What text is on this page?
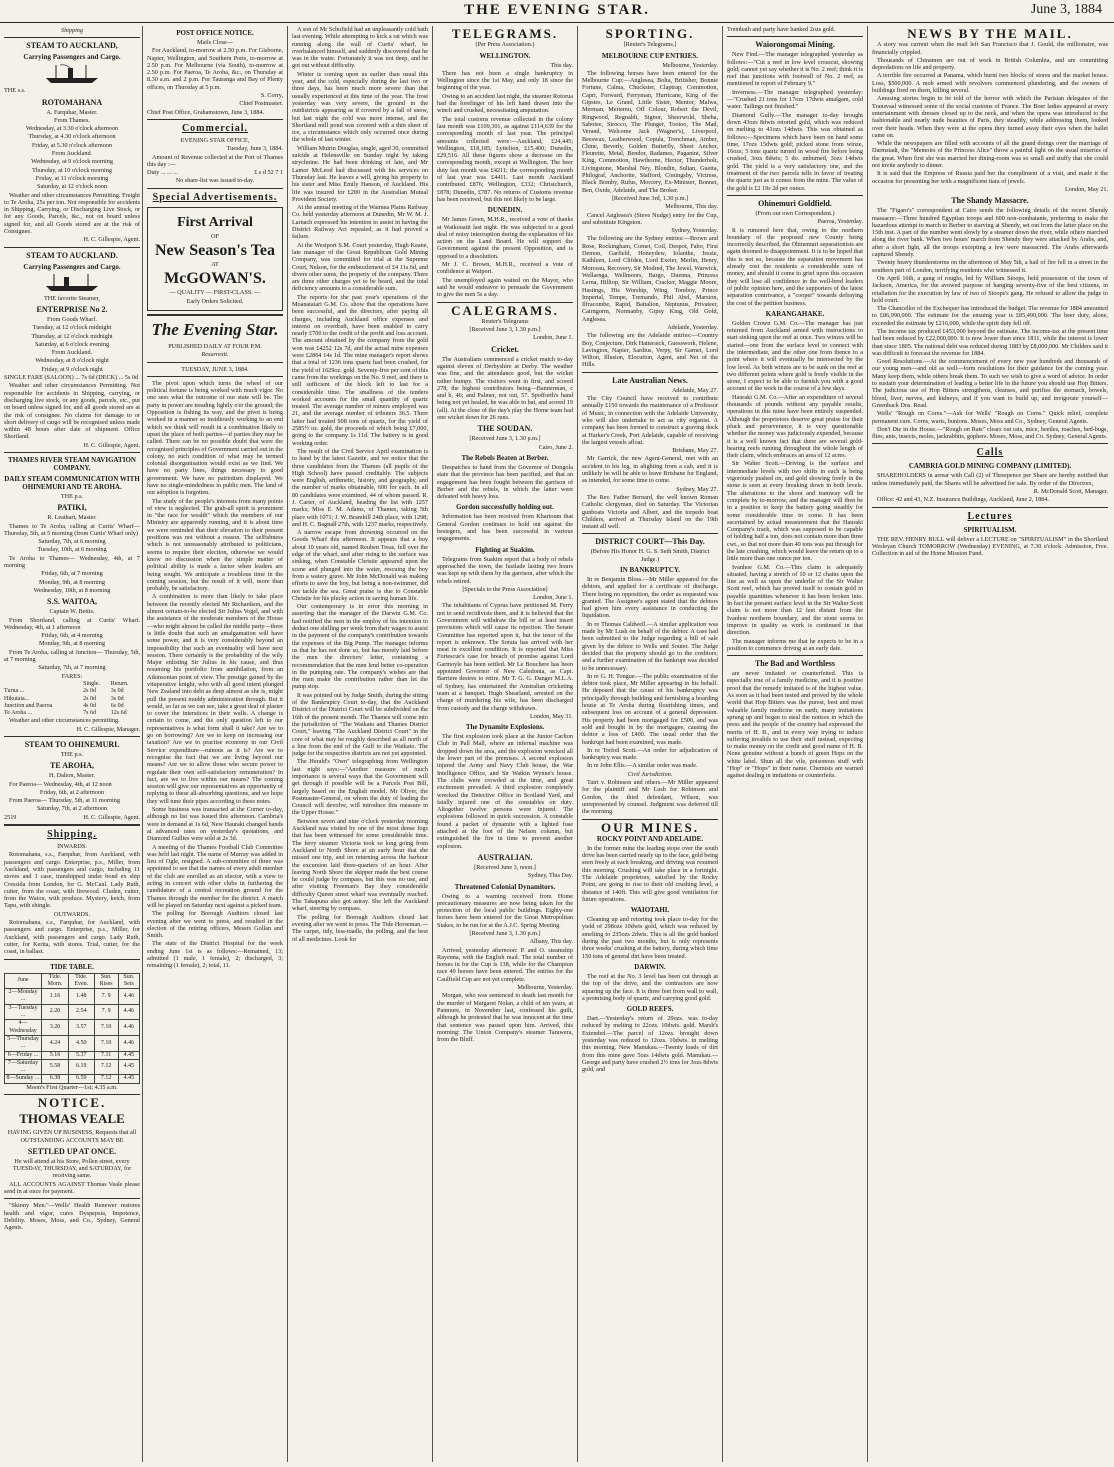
THE EVENING STAR.	June 3, 1884
Shipping
STEAM TO AUCKLAND,
Carrying Passengers and Cargo.

THE s.s.

ROTOMAHANA

A. Farquhar, Master.

From Thames.

Wednesday, at 3.30 o'clock afternoon

Thursday, at 4.30 o'clock afternoon

Friday, at 5.30 o'clock afternoon

From Auckland.

Wednesday, at 9 o'clock morning

Thursday, at 10 o'clock morning

Friday, at 11 o'clock morning

Saturday, at 12 o'clock noon

Weather and other circumstances Permitting. Freight to Te Aroha, 25s per ton. Not responsible for accidents in Shipping, Carrying, or Discharging Live Stock, or for any Goods, Parcels, &c., not on board unless signed for, and all Goods stored are at the risk of Consignee.

H. C. Gillespie, Agent.

STEAM TO AUCKLAND.
Carrying Passengers and Cargo.

THE favorite Steamer,

ENTERPRISE No 2.

From Goods Wharf.

Tuesday, at 12 o'clock midnight

Thursday, at 12 o'clock midnight

Saturday, at 6 o'clock evening

From Auckland.

Wednesday, at 8 o'clock night

Friday, at 9 o'clock night

SINGLE FARE (SALOON) ... 7s 6d (DECK) ... 5s 0d

Weather and other circumstances Permitting. Not responsible for accidents in Shipping, carrying, or discharging live stock, or any goods, parcels, etc., put on board unless signed for, and all goods stored are at the risk of consignee. No claims for damage to or short delivery of cargo will be recognised unless made within 48 hours after date of shipment. Office Shortland.

H. C. Gillespie, Agent.

THAMES RIVER STEAM NAVIGATION COMPANY.
DAILY STEAM COMMUNICATION WITH OHINEMURI AND TE AROHA.

THE p.s.

PATIKI,

R. Leathart, Master.

Thames to Te Aroha, calling at Curtis' Wharf— Thursday, 5th, at 5 morning (from Curtis' Wharf only)

Saturday, 7th, at 6 morning

Tuesday, 10th, at 6 morning

Te Aroha to Thames— Wednesday, 4th, at 7 morning

Friday, 6th, at 7 morning

Monday, 9th, at 8 morning

Wednesday, 10th, at 8 morning

S.S. WAITOA,

Captain W. Bettis.

From Shortland, calling at Curtis' Wharf. Wednesday, 4th, at 1 afternoon

Friday, 6th, at 4 morning

Monday, 9th, at 8 morning

From Te Aroha, calling at Junction— Thursday, 5th, at 7 morning

Saturday, 7th, at 7 morning

FARES:

	Single.	Return.
Turua ...	2s 0d	3s 0d
Hikutaia...	2s 0d	3s 0d
Junction and Paeroa	4s 0d	6s 0d
Te Aroha ...	7s 6d	12s 6d

Weather and other circumstances permitting.

H. C. Gillespie, Manager.

STEAM TO OHINEMURI.

THE p.s.

TE AROHA,

H. Dalton, Master.

For Paeroa— Wednesday, 4th, at 12 noon

Friday, 6th, at 2 afternoon

From Paeroa— Thursday, 5th, at 11 morning

Saturday, 7th, at 2 afternoon

2519	H. C. Gillespie, Agent.

Shipping.

INWARDS.

Rotomahana, s.s., Farquhar, from Auckland, with passengers and cargo. Enterprise, p.s., Miller, from Auckland, with passengers and cargo, including 11 stoves and 1 case, transhipped under bond ex ship Cressida from London, for G. McCaul. Lady Ruth, cutter, from the coast, with firewood. Cluden, cutter, from the Waiou, with produce. Mystery, ketch, from Tapu, with shingle.

OUTWARDS.

Rotomahana, s.s., Farquhar, for Auckland, with passengers and cargo. Enterprise, p.s., Miller, for Auckland, with passengers and cargo. Lady Ruth, cutter, for Kerita, with stores. Trial, cutter, for the coast, in ballast.

TIDE TABLE.
June	Tide. Morn.	Tide. Even.	Sun. Rises	Sun. Sets
2—Monday ...	1.16	1.48	7. 9	4.46
3—Tuesday ...	2.20	2.54	7. 9	4.46
4—Wednesday	3.20	3.57	7.10	4.46
5—Thursday ...	4.24	4.50	7.10	4.46
6—Friday ...	5.16	5.37	7.11	4.45
7—Saturday ...	5.58	6.19	7.12	4.45
8—Sunday ...	6.38	6.59	7.12	4.45

Moon's First Quarter—1st; 4.35 a.m.

NOTICE.
THOMAS VEALE

HAVING GIVEN UP BUSINESS, Requests that all OUTSTANDING ACCOUNTS MAY BE

SETTLED UP AT ONCE.

He will attend at his Store, Pollen street, every TUESDAY, THURSDAY, and SATURDAY, for receiving same.

ALL ACCOUNTS AGAINST Thomas Veale please send in at once for payment.

"Skinny Men."—Wells' Health Renewer restores health and vigor, cures Dyspepsia, Impotence, Debility. Moses, Moss, and Co., Sydney, General Agents.

POST OFFICE NOTICE.

Mails Close—

For Auckland, to-morrow at 2.50 p.m. For Gisborne, Napier, Wellington, and Southern Ports, to-morrow at 2.50 p.m. For Melbourne (via South), to-morrow at 2.50 p.m. For Paeroa, Te Aroha, &c., on Thursday at 8.30 a.m. and 2 p.m. For Tauranga and Bay of Plenty offices, on Thursday at 5 p.m.

S. Corry,

Chief Postmaster.

Chief Post Office, Grahamstown, June 3, 1884.

Commercial.

EVENING STAR OFFICE,

Tuesday, June 3, 1884.

Amount of Revenue collected at the Port of Thames this day :—

Duty ... ... ...	£ s d 52 7 1

No share-list was issued to-day.

Special Advertisements.
First Arrival

OF

New Season's Tea

AT

McGOWAN'S.

— QUALITY — FIRST-CLASS. —

Early Orders Solicited.

The Evening Star.

PUBLISHED DAILY AT FOUR P.M.

Resurrexit.

TUESDAY, JUNE 3, 1884.

The pivot upon which turns the wheel of our political fortune is being worked with much vigor. No one sees what the outcome of our state will be. The party in power are treading lightly o'er the ground; the Opposition is fishing its way, and the pivot is being worked in a manner so insidiously working to an end which we think will result in a combination likely to upset the place of both parties—if parties they may be called. There can be no possible doubt that were the recognised principles of Government carried out in the colony, no such condition of what may be termed colonial disorganisation would exist as we find. We have no party lines, things necessary to good government. We have no patriotism displayed. We have no single-mindedness in public men. The land of our adoption is forgotten.

The study of the people's interests from many points of view is neglected. The grab-all spirit is prominent in "the race for wealth" which the members of our Ministry are apparently running, and it is about time we were reminded that their elevation to their present positions was not without a reason. The selfishness which is not unreasonably attributed to politicians, seems to require their election, otherwise we would know no discussion when the simple matter of political ability is made a factor when leaders are being sought. We anticipate a troublous time in the coming session, but the result of it will, more than probably, be satisfactory.

A combination is more than likely to take place between the recently elected Mr Richardson, and the almost certain-to-be elected Sir Julius Vogel, and with the assistance of the moderate members of the House—who might almost be called the middle party—there is little doubt that such an amalgamation will have some power, and it is very considerably beyond an impossibility that such an eventuality will have next session. There certainly is the probability of the wily Major enlisting Sir Julius in his cause, and thus resuming his portfolio from annihilation, from an Atkinsonian point of view. The prestige gained by the vituperative knight, who with all good intent plunged New Zealand into debt as deep almost as she is, might pull the present muddy administration through. But it would, so far as we can see, take a great deal of plaster to cover the interstices in their walls. A change is certain to come, and the only question left to our representatives is what form shall it take? Are we to go on borrowing? Are we to keep on increasing our taxation? Are we to practise economy in our Civil Service expenditure—ruinous as it is? Are we to recognise the fact that we are living beyond our means? Are we to allow those who secure power to regulate their own self-satisfactory remuneration? In fact, are we to live within our means? The coming session will give our representatives an opportunity of replying to these all-absorbing questions, and we hope they will tune their pipes according to these notes.

Some business was transacted at the Corner to-day, although no list was issued this afternoon. Cambria's were in demand at 1s 6d, New Hauraki changed hands at advanced rates on yesterday's quotations, and Diamond Gullies were sold at 2s 3d.

A meeting of the Thames Football Club Committee was held last night. The name of Murray was added in lieu of Ogle, resigned. A sub-committee of three was appointed to see that the names of every adult member of the club are enrolled as an elector, with a view to acting in concert with other clubs in furthering the candidature of a central recreation ground for the Thames through the member for the district. A match will be played on Saturday next against a picked team.

The polling for Borough Auditors closed last evening after we went to press, and resulted in the election of the retiring officers, Messrs Gollan and Smith.

The state of the District Hospital for the week ending June 1st is as follows:—Remained, 13; admitted (1 male, 1 female), 2; discharged, 3; remaining (1 female), 2; total, 11.

A son of Mr Schofield had an unpleasantly cold bath last evening. While attempting to kick a rat which was running along the wall of Curtis' wharf, he overbalanced himself, and suddenly discovered that he was in the water. Fortunately it was not deep, and he got out without difficulty.

Winter is coming upon us earlier than usual this year, and the cold, especially during the last two or three days, has been much more severe than that usually experienced at this time of the year. The frost yesterday was very severe, the ground in the outdistricts appearing as if covered by a fall of snow, but last night the cold was more intense, and the Shortland mill pond was covered with a thin sheet of ice, a circumstance which only occurred once during the whole of last winter.

William Muirin Douglas, single, aged 30, committed suicide at Helensville on Sunday night by taking strychnine. He had been drinking of late, and Mr Lamor McLeod had discussed with his services on Thursday last. He leaves a will, giving his property to his sister and Miss Emily Hanson, of Auckland. His life was insured for £200 in the Australian Mutual Provident Society.

At the annual meeting of the Waimea Plains Railway Co. held yesterday afternoon at Dunedin, Mr W. M. J. Larnach expressed his intention to assist in having the District Railway Act repealed, as it had proved a failure.

At the Westport S.M. Court yesterday, Hugh Keane, late manager of the Great Republican Gold Mining Company, was committed for trial at the Supreme Court, Nelson, for the embezzlement of £4 11s 6d, and divers other sums, the property of the company. There are three other charges yet to be heard, and the total deficiency amounts to a considerable sum.

The reports for the past year's operations of the Moanataiari G.M. Co. show that the operations have been successful, and the directors, after paying all charges, including Auckland office expenses and interest on overdraft, have been enabled to carry nearly £700 to the credit of the profit and loss account. The amount obtained by the company from the gold won was £4252 12s 7d, and the actual mine expenses were £2864 14s 1d. The mine manager's report shows that a total of 1236 tons quartz had been crushed, for the yield of 1629oz. gold. Seventy-five per cent of this came from the workings on the No. 9 reef, and there is still sufficient of the block left to last for a considerable time. The smallness of the tenders worked accounts for the small quantity of quartz treated. The average number of miners employed was 21, and the average number of tributers 36.5. There latter had treated 908 tons of quartz, for the yield of 2585½ oz. gold, the proceeds of which being £7,000, going to the company 1s 11d. The battery is in good working order.

The result of the Civil Service April examination is to hand by the latest Gazette, and we notice that the three candidates from the Thames (all pupils of the High School) have passed creditably. The subjects were English, arithmetic, history, and geography, and the number of marks obtainable, 600 for each. In all 80 candidates were examined, 44 of whom passed. R. J. Carter, of Auckland, heading the list with 1257 marks; Miss E. M. Adams, of Thames, taking 5th place with 1071; J. W. Bramhill 24th place, with 1298; and H. C. Bagnall 27th, with 1237 marks, respectively.

A narrow escape from drowning occurred on the Goods Wharf this afternoon. It appears that a boy about 10 years old, named Reuben Treas, fell over the edge of the wharf, and after rising to the surface was sinking, when Constable Christie appeared upon the scene and plunged into the water, rescuing the boy from a watery grave. Mr John McDonald was making efforts to save the boy, but being a non-swimmer, did not tackle the sea. Great praise is due to Constable Christie for his plucky action in saving human life.

Our contemporary is in error this morning in asserting that the manager of the Darwin G.M. Co. had notified the men in the employ of his intention to deduct one shilling per week from their wages to assist in the payment of the company's contribution towards the expenses of the Big Pump. The manager informs us that he has not done so, but has merely laid before the men the directors' letter, containing a recommendation that the men lend better co-operation in the pumping rate. The company's wishes are that the men make the contribution rather than let the pump stop.

It was pointed out by Judge Smith, during the sitting of the Bankruptcy Court to-day, that the Auckland District of the District Court will be subdivided on the 16th of the present month. The Thames will come into the jurisdiction of "The Waikato and Thames District Court," leaving "The Auckland District Court" in the core of what may be roughly described as all north of a line from the end of the Gulf to the Waikato. The judge for the respective districts are not yet appointed.

The Herald's "Own" telegraphing from Wellington last night says:—"Another measure of much importance is several ways that the Government will get through if possible will be a Parcels Post Bill, largely based on the English model. Mr Oliver, the Postmaster-General, on whom the duty of leading the Council will devolve, will introduce this measure in the Upper House."

Between seven and nine o'clock yesterday morning Auckland was visited by one of the most dense fogs that has been witnessed for some considerable time. The ferry steamer Victoria took so long going from Auckland to North Shore at an early hour that she missed one trip, and on returning across the harbour the excursion laid three-quarters of an hour. After leaving North Shore the skipper made the best course he could judge by compass, but this was no use, and after visiting Freeman's Bay they considerable difficulty Queen street wharf was eventually reached. The Takapuna also got astray. She left the Auckland wharf, steering by compass.

The polling for Borough Auditors closed last evening after we went to press. The Tide Horseman.—The carpet, tidy, boa-toadle, the polling, and the best of all medicines. Look for

TELEGRAMS.

(Per Press Association.)

WELLINGTON.

This day.

There has not been a single bankruptcy in Wellington since the 1st May, and only 18 since the beginning of the year.

Owing to an accident last night, the steamer Rotorua had the forefinger of his left hand drawn into the winch and crushed, necessitating amputation.

The total customs revenue collected in the colony last month was £109,301, as against £114,639 for the corresponding month of last year. The principal amounts collected were:—Auckland, £24,445; Wellington, £18,185; Lyttelton, £15,400; Dunedin, £29,516. All these figures show a decrease on the corresponding month, except at Wellington. The beer duty last month was £4211; the corresponding month of last year was £4411. Last month Auckland contributed £876; Wellington, £332; Christchurch, £878; Dunedin, £787. No returns of Customs revenue has been received, but this not likely to be large.

DUNEDIN.

Mr James Green, M.H.R., received a vote of thanks at Waikouaiti last night. He was subjected to a good deal of noisy interruption during the explanation of his action on the Land Board. He will support the Government against the present Opposition, and is opposed to a dissolution.

Mr J. C. Brown, M.H.R., received a vote of confidence at Waipori.

The unemployed again waited on the Mayor, who said he would endeavor to persuade the Government to give the men 5s a day.

CALEGRAMS.

Reuter's Telegrams

[Received June 3, 1.30 p.m.]

London, June 1.

Cricket.

The Australians commenced a cricket match to-day against eleven of Derbyshire at Derby. The weather was fine, and the attendance good, but the wicket rather bumpy. The visitors went in first, and scored 278, the highest contributors being—Bannerman, c and b, 46; and Palmer, not out, 57. Spofforth's hand being not yet healed, he was able to bat, and scored 19 (all). At the close of the day's play the Home team had one wicket down for 26 runs.

THE SOUDAN.

[Received June 3, 1.30 p.m.]

Cairo, June 2.

The Rebels Beaten at Berber.

Despatches to hand from the Governor of Dongola state that the province has been pacified, and that an engagement has been fought between the garrison of Berber and the rebels, in which the latter were defeated with heavy loss.

Gordon successfully holding out.

Information has been received from Khartoum that General Gordon continues to hold out against the besiegers, and has been successful in various engagements.

Fighting at Suakim.

Telegrams from Suakim report that a body of rebels approached the town, the fusilade lasting two hours was kept up with them by the garrison, after which the rebels retired.

[Specials to the Press Association]

London, June 1.

The inhabitants of Cyprus have petitioned M. Ferry not to send recidivists there, and it is believed that the Government will withdraw the bill or at least insert provisions which will cause its rejection. The Senate Committee has reported upon it, but the tenor of the report is unknown. The Sorata has arrived with her meat in excellent condition. It is reported that Miss Fortescue's case for breach of promise against Lord Garmoyle has been settled. Mr Le Bouchere has been appointed Governor of New Caledonia, as Capt. Barriere desires to retire. Mr T. G. G. Danger M.L.A. of Sydney, has entertained the Australian cricketing team at a banquet. Hugh Shearland, arrested on the charge of murdering his wife, has been discharged from custody and the charge withdrawn.

London, May 31.

The Dynamite Explosions.

The first explosion took place at the Junior Carlton Club in Pall Mall, where an infernal machine was dropped down the area, and the explosion wrecked all the lower part of the premises. A second explosion injured the Army and Navy Club house, the War Intelligence Office, and Sir Watkin Wynne's house. The clubs were crowded at the time, and great excitement prevailed. A third explosion completely wrecked the Detective Office in Scotland Yard, and fatally injured one of the constables on duty. Altogether twelve persons were injured. The explosions followed in quick succession. A constable found a packet of dynamite with a lighted fuse attached at the foot of the Nelson column, but extinguished the fire in time to prevent another explosion.

AUSTRALIAN.

[Received June 3, noon.]

Sydney, This Day.

Threatened Colonial Dynamitors.

Owing to a warning received from Home precautionary measures are now being taken for the protection of the local public buildings. Eighty-one horses have been entered for the Great Metropolitan Stakes, to be run for at the A.J.C. Spring Meeting.

[Received June 3, 1.30 p.m.]

Albany, This day.

Arrived, yesterday afternoon: P. and O. steamship Rayenna, with the English mail. The total number of horses in for the Cup is 138, while for the Champion race 40 horses have been entered. The entries for the Caulfield Cup are not yet complete.

Melbourne, Yesterday.

Morgan, who was sentenced to death last month for the murder of Margaret Nolan, a child of ten years, at Panmure, in November last, confessed his guilt, although he protested that he was innocent at the time that sentence was passed upon him. Arrived, this morning: The Union Company's steamer Tarawera, from the Bluff.

SPORTING.

[Reuter's Telegrams.]

MELBOURNE CUP ENTRIES.

Melbourne, Yesterday.

The following horses have been entered for the Melbourne Cup:—Anglesea, Bolta, Britisher, Bonnie Fortune, Calma, Chuckster, Claptrap, Commotion, Capri, Forward, Ferryman, Hurricane, King of the Gipsies, Le Grand, Little Sister, Mentor, Malwa, Merman, Meriemu, Off Colour, Robert the Devil, Ringwood, Regnaldi, Signor, Sheerwold, Sheba, Sabotee, Sirocco, The Plunger, Tootoo, The Mad, Verand, Welcome Jack (Wagner's), Liverpool, Beeswax, Leatherwood, Copula, Trenchman, Amber, Chine, Beverly, Golden Butterfly, Sheet Anchor, Fleurette, Metal, Bendor, Radames, Paganini, Silver King, Commotion, Hawthorne, Hector, Thunderbolt, Livingstone, Marshal Ney, Blondin, Sultan, Guetta, Philograf, Anchorite, Stafford, Coningsby, Victress, Black Bomby, Rufus, Morcery, Ex-Minister, Bonnet, Ben, Oxide, Adelaide, and The Broker.

[Received June 3rd, 1.30 p.m.]

Melbourne, This day.

Cancel Anglesea's (Steve Nudge) entry for the Cup, and substitute Kingston.

Sydney, Yesterday.

The following are the Sydney entries:—Brown and Rose, Rockingham, Comet, Coil, Despot, Fabo, First Demon, Garfield, Honeydew, Iolanthe, Jessie, Kathleen, Lord Clifden, Lord Exeter, Merlin, Henry, Morceau, Recovery, Sir Modred, The Jewel, Warwick, Wellarnga, Wellmoors, Bargo, Duenna, Princess Lerna, Hilltop, Sir William, Cracker, Maggie Moore, Hastings, His Worship, Wing, Tomboy, Prince Imperial, Tempe, Tremando, Phil Abel, Marston, Ilfracombe, Rapid, Battalion, Neptunus, Privateer, Cairngorm, Normanby, Gipsy King, Old Gold, Anglesea.

Adelaide, Yesterday.

The following are the Adelaide entries:—Country Boy, Conjecture, Dirk Hatteraick, Guesswork, Helene, Lavington, Napier, Sardius, Verpy, Sir Garnet, Lord Wilton, Illusion, Elocution, Agent, and Net of the Hills.

Late Australian News.

Adelaide, May 27.

The City Council have received to contribute annually £150 towards the maintenance of a Professor of Music, in connection with the Adelaide University, who will also undertake to act as city organist. A company has been formed to construct a graving dock at Harker's Creek, Port Adelaide, capable of receiving the largest vessels afloat.

Brisbane, May 27.

Mr Garrick, the new Agent-General, met with an accident to his leg, in alighting from a cab, and it is unlikely he will be able to leave Brisbane for England, as intended, for some time to come.

Sydney, May 27.

The Rev. Father Bernard, the well known Roman Catholic clergyman, died on Saturday. The Victorian gunboats Victoria and Albert, and the torpedo boat Childers, arrived at Thursday Island on the 19th instant all well.

DISTRICT COURT—This Day.

(Before His Honor H. G. S. Seth Smith, District Judge.)

IN BANKRUPTCY.

In re Benjamin Bloss.—Mr Miller appeared for the debtors, and applied for a certificate of discharge. There being no opposition, the order as requested was granted. The Assignee's agent stated that the debtors had given him every assistance in conducting the liquidation.

In re Thomas Caldwell.—A similar application was made by Mr Lush on behalf of the debtor. A case had been submitted to the Judge regarding a bill of sale given by the debtor to Wells and Souter. The Judge decided that the property should go to the creditors; and a further examination of the bankrupt was decided to be unnecessary.

In re G. H. Tongue.—The public examination of the debtor took place, Mr Miller appearing in his behalf. He deposed that the cause of his bankruptcy was principally through building and furnishing a boarding house at Te Aroha during flourishing times, and subsequent loss on account of a general depression. His property had been mortgaged for £500, and was sold and bought in by the mortgagee, causing the debtor a loss of £400. The usual order that the bankrupt had been examined, was made.

In re Trefoil Scott.—An order for adjudication of bankruptcy was made.

In re John Ellis.—A similar order was made.

Civil Jurisdiction.

Tairi v. Robinson and others.—Mr Miller appeared for the plaintiff and Mr Lush for Robinson and Gordon, the third defendant, Wilson, was unrepresented by counsel. Judgment was deferred till the morning.

OUR MINES.
ROCKY POINT AND ADELAIDE.

In the former mine the leading stope over the south drive has been carried nearly up to the face, gold being seen freely at each breaking, and driving was resumed this morning. Crushing will take place in a fortnight. The Adelaide proprietors, satisfied by the Rocky Point, are going to rise to their old crushing level, a distance of 140ft. This will give good ventilation for future operations.

WAIOTAHI.

Cleaning up and retorting took place to-day for the yield of 298ozs 10dwts gold, which was reduced by smelting to 235ozs 2dwts. This is all the gold banked during the past two months, but is only represents three weeks' crushing at the battery, during which time 150 tons of general dirt have been treated.

DARWIN.

The reef at the No. 3 level has been cut through at the top of the drive, and the contractors are now squaring up the face. It is three feet from wall to wall, a promising body of quartz, and carrying good gold.

GOLD REEFS.

Dart.—Yesterday's return of 29ozs. was to-day reduced by melting to 22ozs. 10dwts. gold. Marsh's Extended.—The parcel of 12ozs. brought down yesterday was reduced to 12ozs. 10dwts. in melting this morning. New Manukau.—Twenty loads of dirt from this mine gave 5ozs 14dwts gold. Manukau.—George and party have crushed 2½ tons for 3ozs 8dwts gold, and

Trembath and party have banked 2ozs gold.

Waiorongomai Mining.

New Find.—The manager telegraphed yesterday as follows:—"Cut a reef in low level crosscut, showing gold; cannot yet say whether it is No. 2 reef; think it is reef that junctions with footwall of No. 2 reef, as mentioned in report of February 9."

Inverness.—The manager telegraphed yesterday:—"Crushed 21 tons for 17ozs 17dwts amalgam, cold water. Tailings not finished."

Diamond Gully.—The manager to-day brought down 43ozs 8dwts retorted gold, which was reduced on melting to 41ozs 14dwts. This was obtained as follows:—Specimens which have been on hand some time, 17ozs 15dwts gold; picked stone from winze, 16ozs; 5 tons quartz turned in wood fire before being crushed, 3ozs 8dwts; 5 do. unburned, 3ozs 14dwts gold. The yield is a very satisfactory one, and the treatment of the two parcels tells in favor of treating the quartz just as it comes from the mine. The value of the gold is £2 19s 2d per ounce.

Ohinemuri Goldfield.

(From our own Correspondent.)

Paeroa, Yesterday.

It is rumored here that, owing to the northern boundary of the proposed new County being incorrectly described, the Ohinemuri separationists are again doomed to disappointment. It is to be hoped that this is not so, because the separation movement has already cost the residents a considerable sum of money, and should it come to grief upon this occasion they will lose all confidence in the well-bred leaders of public opinion here, and the supporters of the latest separation contrivance, a "cooper" towards defraying the cost of the petition business.

KARANGAHAKE.

Golden Crown G.M. Co.—The manager has just returned from Auckland armed with instructions to start sinking upon the reef at once. Two winzes will be started—one from the surface level to connect with the intermediate, and the other one from thence to a point where it will eventually be intersected by the low level. As both winzes are to be sunk on the reef at two different points where gold is freely visible in the stone, I expect to be able to furnish you with a good account of the work in the course of a few days.

Hauraki G.M. Co.—After an expenditure of several thousands of pounds without any payable results, operations in this mine have been entirely suspended. Although the proprietors deserve great praise for their pluck and perseverance, it is very questionable whether the money was judiciously expended, because it is a well known fact that there are several gold-bearing reefs running throughout the whole length of their claim, which embraces an area of 12 acres.

Sir Walter Scott.—Driving is the surface and intermediate levels with two shifts in each is being vigorously pushed on, and gold showing freely in the stone is seen at every breaking down in both levels. The alterations to the shoot and tramway will be complete by to-morrow, and the manager will then be in a position to keep the battery going steadily for some considerable time to come. It has been ascertained by actual measurement that the Hauraki Company's track, which was supposed to be capable of holding half a ton, does not contain more than three cwt., so that not more than 40 tons was put through for the late crushing, which would leave the return up to a little more than one ounce per ton.

Ivanhoe G.M. Co.—This claim is adequately situated, having a stretch of 10 or 12 chains upon the line as well as upon the underlie of the Sir Walter Scott reef, which has proved itself to contain gold in payable quantities whenever it has been broken into. In fact the present surface level in the Sir Walter Scott claim is not more than 12 feet distant from the Ivanhoe northern boundary, and the stone seems to improve in quality as work is continued in that direction.

The manager informs me that he expects to be in a position to commence driving at an early date.

The Bad and Worthless

are never imitated or counterfeited. This is especially true of a family medicine, and it is positive proof that the remedy imitated is of the highest value. As soon as it had been tested and proved by the whole world that Hop Bitters was the purest, best and most valuable family medicine on earth, many imitations sprung up and began to steal the notices in which the press and the people of the country had expressed the merits of H. B., and in every way trying to induce suffering invalids to use their stuff instead, expecting to make money on the credit and good name of H. B. None genuine without a bunch of green Hops on the white label. Shun all the vile, poisonous stuff with "Hop" or "Hops" in their name. Chemists are warned against dealing in imitations or counterfeits.

NEWS BY THE MAIL.

A story was current when the mail left San Francisco that J. Gould, the millionaire, was financially crippled.

Thousands of Chinamen are out of work in British Columbia, and are committing depredations on life and property.

A terrible fire occurred at Panama, which burnt two blocks of stores and the market house. Loss, $500,000. A mob armed with revolvers commenced plundering, and the owners of buildings fired on them, killing several.

Amusing stories begin to be told of the horror with which the Parisian delegates of the Transvaal witnessed some of the social customs of France. The Boer ladies appeared at every entertainment with dresses closed up to the neck, and when the opera was introduced to the fashionable and nearly nude beauties of Paris, they steadily, while addressing them, looked over their heads. When they were at the opera they turned away their eyes when the ballet came on.

While the newspapers are filled with accounts of all the grand doings over the marriage of Darmstadt, the "Memoirs of the Princess Alice" throw a painful light on the usual miseries of the great. When first she was married her dining-room was so small and stuffy that she could not invite anybody to dinner.

It is said that the Empress of Russia paid her the compliment of a visit, and made it the occasion for presenting her with a magnificent tiara of jewels.

London, May 21.

The Shandy Massacre.

The "Figaro's" correspondent at Cairo sends the following details of the recent Shendy massacre:—Three hundred Egyptian troops and 600 non-combatants, preferring to make the hazardous attempt to march to Berber to starving at Shendy, set out from the latter place on the 15th inst. A part of the number went slowly by a steamer down the river, while others marched along the river bank. When two hours' march from Shendy they were attacked by Arabs, and, after a short fight, all the troops excepting a few were massacred. The Arabs afterwards captured Shendy.

Twenty heavy thunderstorms on the afternoon of May 5th, a hail of fire fell in a street in the southern part of London, terrifying residents who witnessed it.

On April 16th, a gang of roughs, led by William Stoops, held possession of the town of Jackson, America, for the avowed purpose of hanging seventy-five of the best citizens, in retaliation for the execution by law of two of Stoops's gang. He refused to allow the judge to hold court.

The Chancellor of the Exchequer has introduced the budget. The revenue for 1884 amounted to £86,990,000. The estimate for the ensuing year is £85,490,000. The beer duty, alone, exceeded the estimate by £216,000, while the spirit duty fell off.

The income tax produced £453,000 beyond the estimate. The income-tax at the present time had been reduced by £22,000,000. It is now lower than since 1811, while the interest is lower than since 1805. The national debt was reduced during 1883 by £8,000,000. Mr Childers said it was difficult to forecast the revenue for 1884.

Good Resolutions.—At the commencement of every new year hundreds and thousands of our young men—and old as well—form resolutions for their guidance for the coming year. Many keep them, while others break them. To such we wish to give a word of advice. In order to sustain your determination of leading a better life in the future you should use Hop Bitters. The judicious use of Hop Bitters strengthens, cleanses, and purifies the stomach, bowels, blood, liver, nerves, and kidneys, and if you want to build up, and invigorate yourself—Greenback Dos. Read.

Wells' "Rough on Corns."—Ask for Wells' "Rough on Corns." Quick relief, complete permanent cure. Corns, warts, bunions. Moses, Moss and Co., Sydney, General Agents.

Don't Die in the House.—"Rough on Rats" clears out rats, mice, beetles, roaches, bed-bugs, flies, ants, insects, moles, jackrabbits, gophers. Moses, Moss, and Co. Sydney, General Agents.

Calls
CAMBRIA GOLD MINING COMPANY (LIMITED).

SHAREHOLDERS in arrear with Call (2) of Threepence per Share are hereby notified that unless immediately paid, the Shares will be advertised for sale. By order of the Directors,

R. McDonald Scott, Manager.

Office: 42 and 43, N.Z. Insurance Buildings, Auckland, June 2, 1884.

Lectures
SPIRITUALISM.

THE REV. HENRY BULL will deliver a LECTURE on "SPIRITUALISM" in the Shortland Wesleyan Church TOMORROW (Wednesday) EVENING, at 7.30 o'clock. Admission, Free. Collection in aid of the Home Mission Fund.
